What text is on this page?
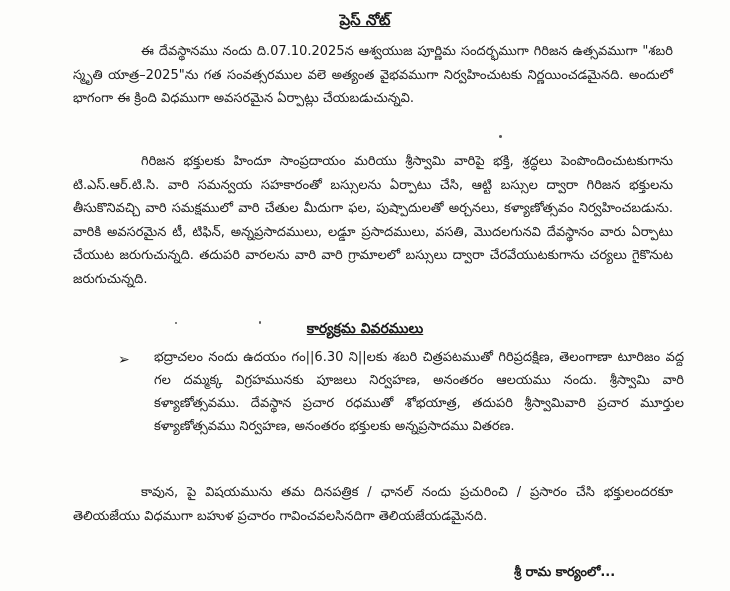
ప్రెస్ నోట్
ఈ దేవస్థానము నందు ది.07.10.2025న ఆశ్వయుజ పూర్ణిమ సందర్భముగా గిరిజన ఉత్సవముగా "శబరి స్మృతి యాత్ర–2025"ను గత సంవత్సరముల వలె అత్యంత వైభవముగా నిర్వహించుటకు నిర్ణయించడమైనది. అందులో భాగంగా ఈ క్రింది విధముగా అవసరమైన ఏర్పాట్లు చేయబడుచున్నవి.
గిరిజన భక్తులకు హిందూ సాంప్రదాయం మరియు శ్రీస్వామి వారిపై భక్తి, శ్రద్ధలు పెంపొందించుటకుగాను టి.ఎస్.ఆర్.టి.సి. వారి సమన్వయ సహకారంతో బస్సులను ఏర్పాటు చేసి, ఆట్టి బస్సుల ద్వారా గిరిజన భక్తులను తీసుకొనివచ్చి వారి సమక్షములో వారి చేతుల మీదుగా ఫల, పుష్పాదులతో అర్చనలు, కళ్యాణోత్సవం నిర్వహించబడును. వారికి అవసరమైన టీ, టిఫిన్, అన్నప్రసాదములు, లడ్డూ ప్రసాదములు, వసతి, మొదలగునవి దేవస్థానం వారు ఏర్పాటు చేయుట జరుగుచున్నది. తదుపరి వారలను వారి వారి గ్రామాలలో బస్సులు ద్వారా చేరవేయుటకుగాను చర్యలు గైకొనుట జరుగుచున్నది.
కార్యక్రమ వివరములు
➢ భద్రాచలం నందు ఉదయం గం||6.30 ని||లకు శబరి చిత్రపటముతో గిరిప్రదక్షిణ, తెలంగాణా టూరిజం వద్ద గల దమ్మక్క విగ్రహమునకు పూజలు నిర్వహణ, అనంతరం ఆలయము నందు. శ్రీస్వామి వారి కళ్యాణోత్సవము. దేవస్థాన ప్రచార రధముతో శోభయాత్ర, తదుపరి శ్రీస్వామివారి ప్రచార మూర్తుల కళ్యాణోత్సవము నిర్వహణ, అనంతరం భక్తులకు అన్నప్రసాదము వితరణ.
కావున, పై విషయమును తమ దినపత్రిక / ఛానల్ నందు ప్రచురించి / ప్రసారం చేసి భక్తులందరకూ తెలియజేయు విధముగా బహుళ ప్రచారం గావించవలసినదిగా తెలియజేయడమైనది.
శ్రీ రామ కార్యంలో...
